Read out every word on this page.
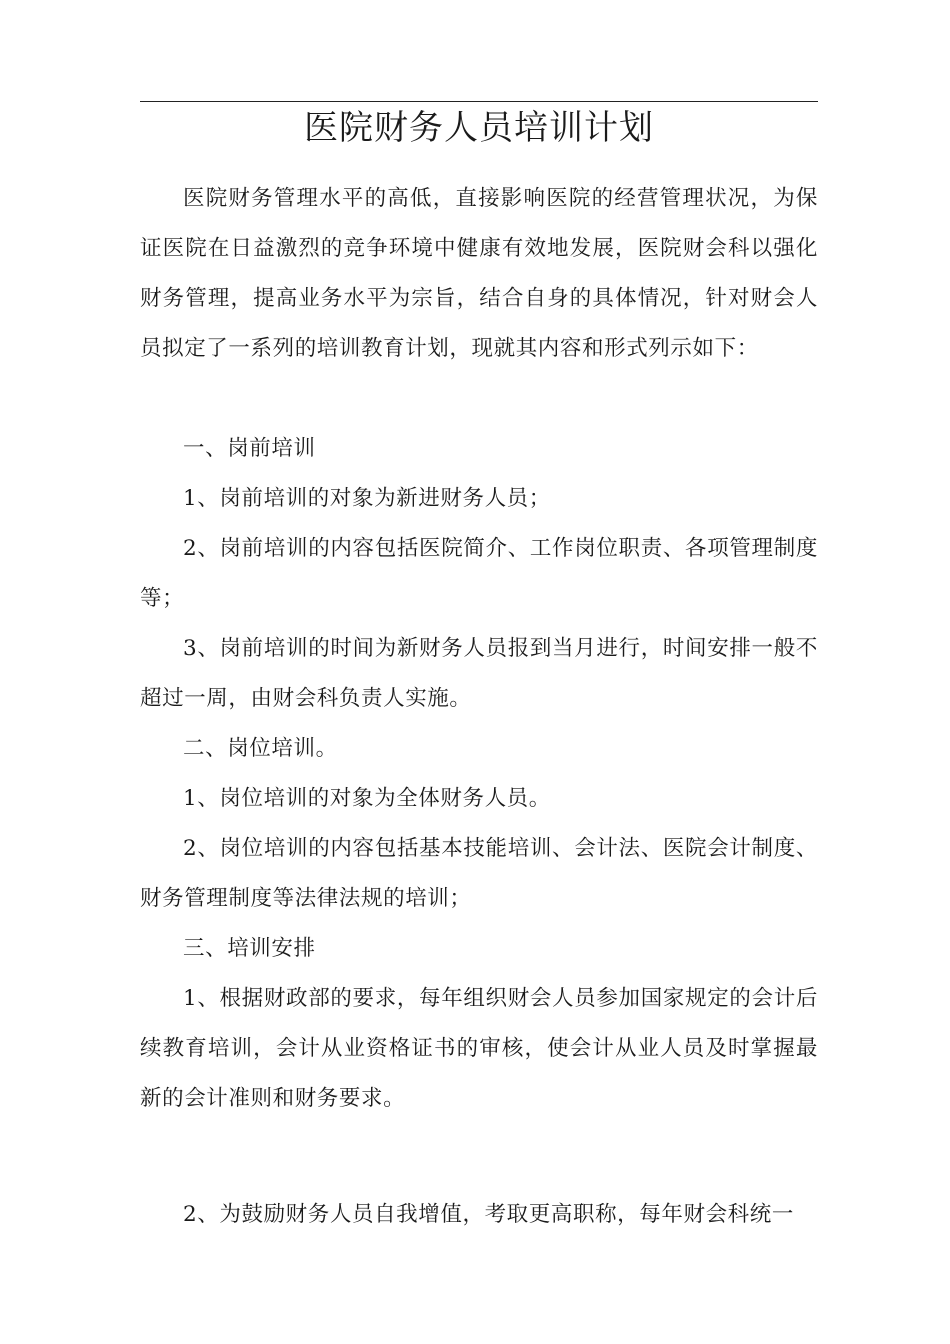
医院财务人员培训计划

医院财务管理水平的高低，直接影响医院的经营管理状况，为保证医院在日益激烈的竞争环境中健康有效地发展，医院财会科以强化财务管理，提高业务水平为宗旨，结合自身的具体情况，针对财会人员拟定了一系列的培训教育计划，现就其内容和形式列示如下：

一、岗前培训

1、岗前培训的对象为新进财务人员；

2、岗前培训的内容包括医院简介、工作岗位职责、各项管理制度等；

3、岗前培训的时间为新财务人员报到当月进行，时间安排一般不超过一周，由财会科负责人实施。

二、岗位培训。

1、岗位培训的对象为全体财务人员。

2、岗位培训的内容包括基本技能培训、会计法、医院会计制度、财务管理制度等法律法规的培训；

三、培训安排

1、根据财政部的要求，每年组织财会人员参加国家规定的会计后续教育培训，会计从业资格证书的审核，使会计从业人员及时掌握最新的会计准则和财务要求。

2、为鼓励财务人员自我增值，考取更高职称，每年财会科统一
